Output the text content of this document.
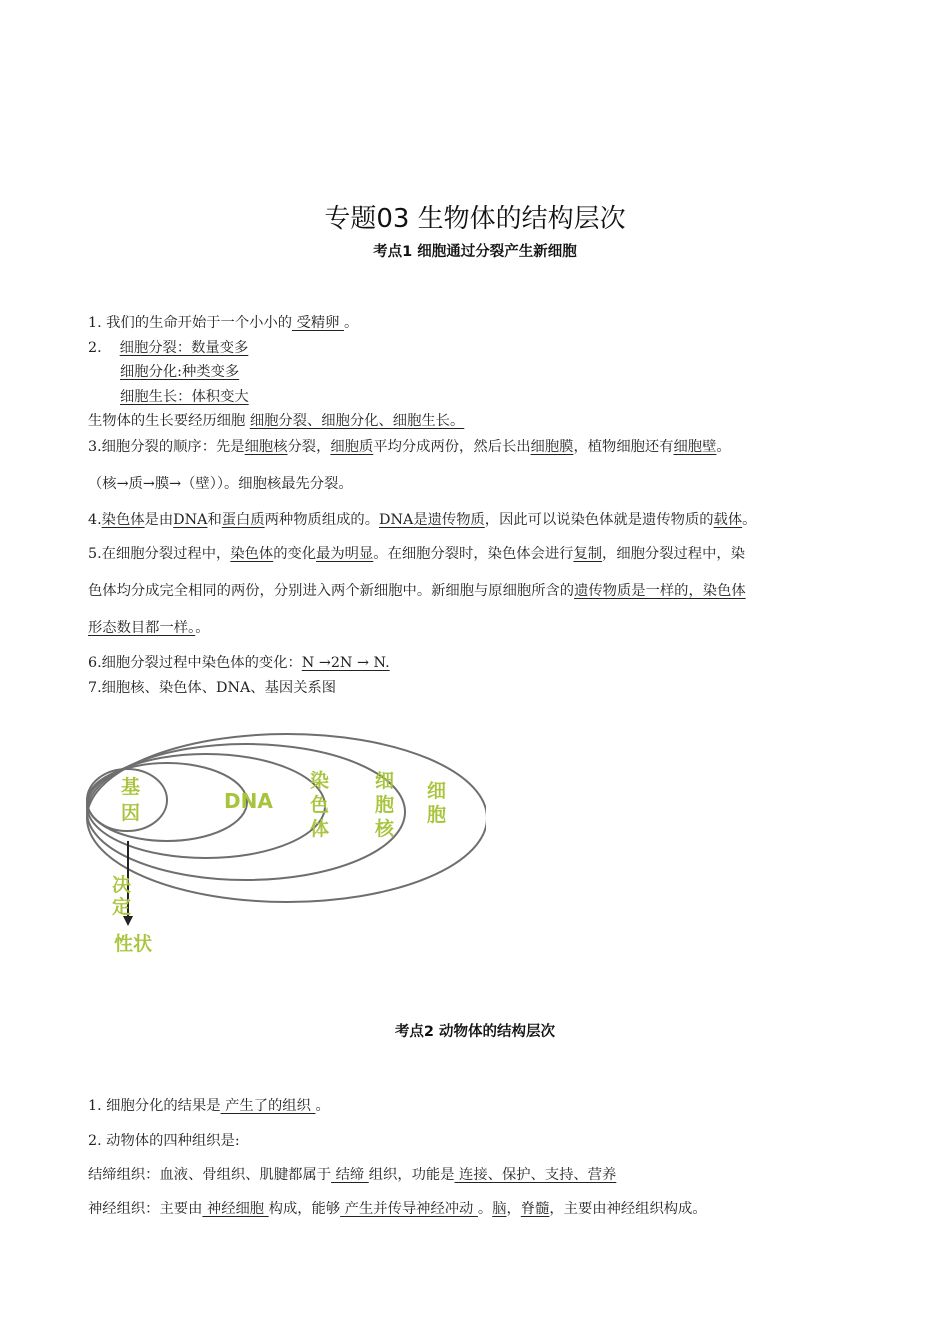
专题03 生物体的结构层次
考点1 细胞通过分裂产生新细胞
1. 我们的生命开始于一个小小的 受精卵 。
2. 细胞分裂：数量变多
细胞分化:种类变多
细胞生长：体积变大
生物体的生长要经历细胞 细胞分裂、细胞分化、细胞生长。
3.细胞分裂的顺序：先是细胞核分裂，细胞质平均分成两份，然后长出细胞膜，植物细胞还有细胞壁。
（核→质→膜→（壁））。细胞核最先分裂。
4.染色体是由DNA和蛋白质两种物质组成的。DNA是遗传物质，因此可以说染色体就是遗传物质的载体。
5.在细胞分裂过程中，染色体的变化最为明显。在细胞分裂时，染色体会进行复制，细胞分裂过程中，染
色体均分成完全相同的两份，分别进入两个新细胞中。新细胞与原细胞所含的遗传物质是一样的，染色体
形态数目都一样。。
6.细胞分裂过程中染色体的变化：N →2N → N.
7.细胞核、染色体、DNA、基因关系图
基
因	DNA
染
色
体
细
胞
核
细
胞
决
定
性状
考点2 动物体的结构层次
1. 细胞分化的结果是 产生了的组织 。
2. 动物体的四种组织是:
结缔组织：血液、骨组织、肌腱都属于 结缔 组织，功能是 连接、保护、支持、营养
神经组织：主要由 神经细胞 构成，能够 产生并传导神经冲动 。脑，脊髓，主要由神经组织构成。
